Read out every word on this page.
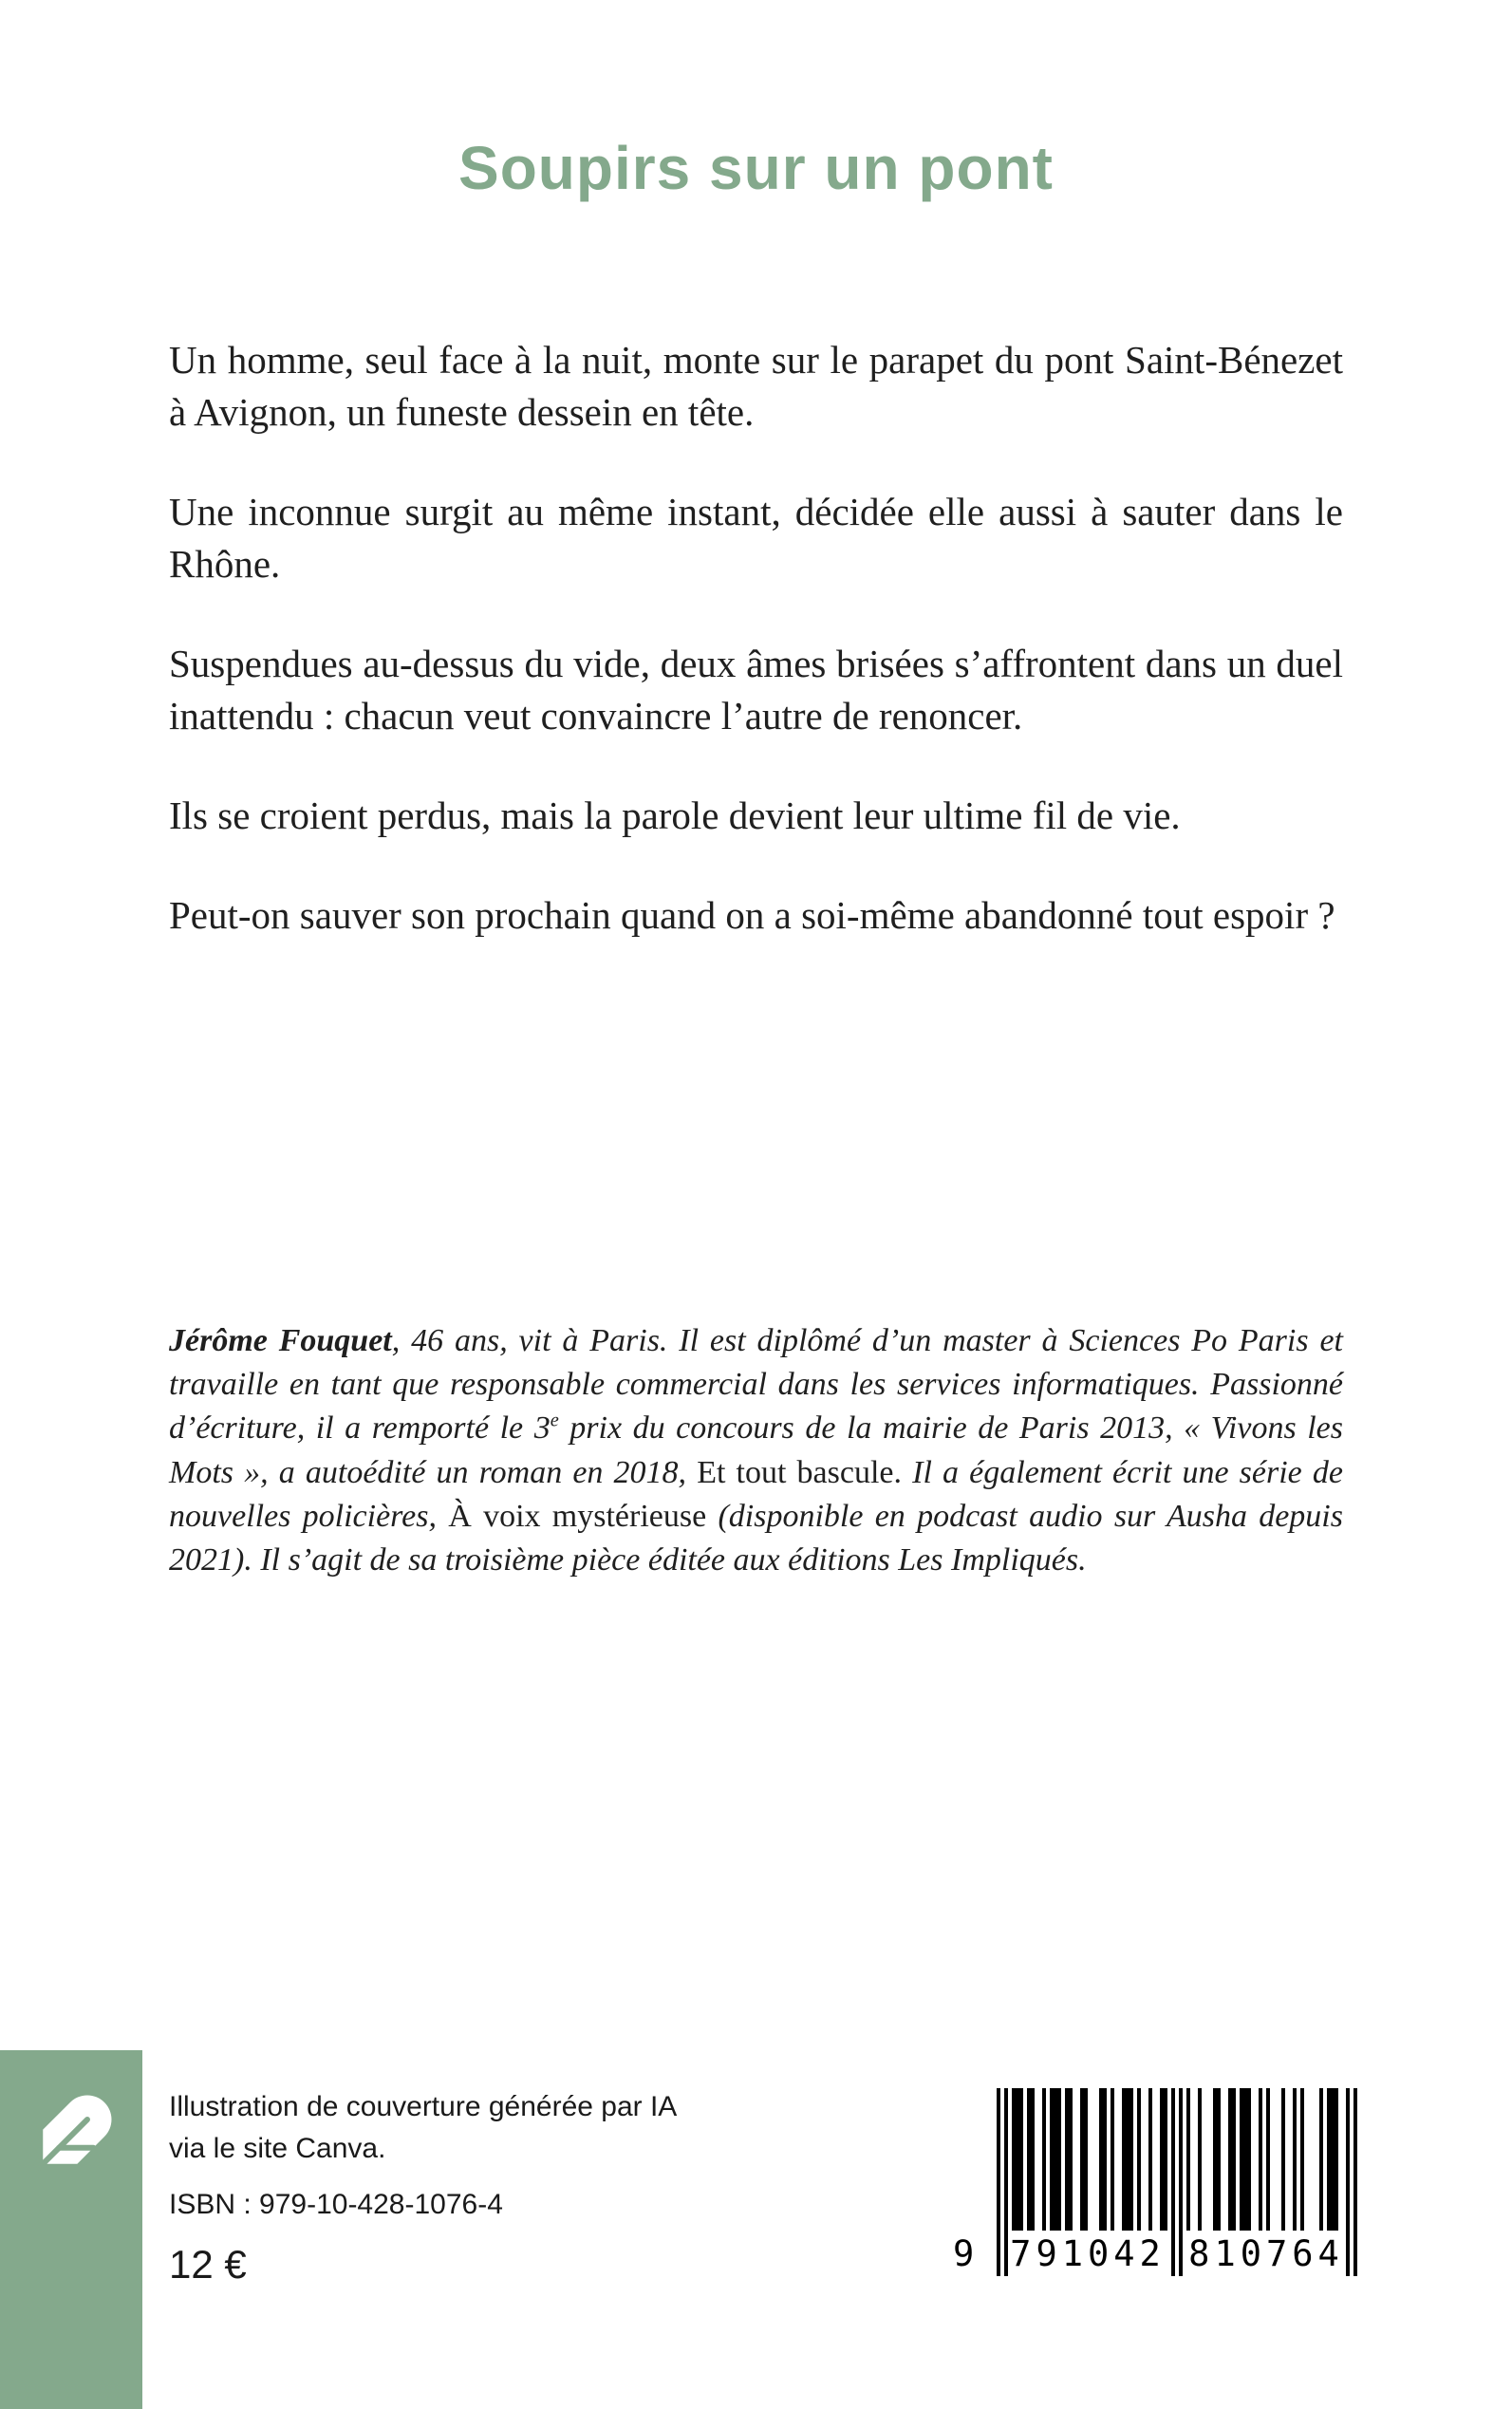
Soupirs sur un pont

Un homme, seul face à la nuit, monte sur le parapet du pont Saint-Bénezet à Avignon, un funeste dessein en tête.

Une inconnue surgit au même instant, décidée elle aussi à sauter dans le Rhône.

Suspendues au-dessus du vide, deux âmes brisées s’affrontent dans un duel inattendu : chacun veut convaincre l’autre de renoncer.

Ils se croient perdus, mais la parole devient leur ultime fil de vie.

Peut-on sauver son prochain quand on a soi-même abandonné tout espoir ?

Jérôme Fouquet, 46 ans, vit à Paris. Il est diplômé d’un master à Sciences Po Paris et travaille en tant que responsable commercial dans les services informatiques. Passionné d’écriture, il a remporté le 3e prix du concours de la mairie de Paris 2013, « Vivons les Mots », a autoédité un roman en 2018, Et tout bascule. Il a également écrit une série de nouvelles policières, À voix mystérieuse (disponible en podcast audio sur Ausha depuis 2021). Il s’agit de sa troisième pièce éditée aux éditions Les Impliqués.
Illustration de couverture générée par IA
via le site Canva.
ISBN : 979-10-428-1076-4
12 €	9 791042 810764
